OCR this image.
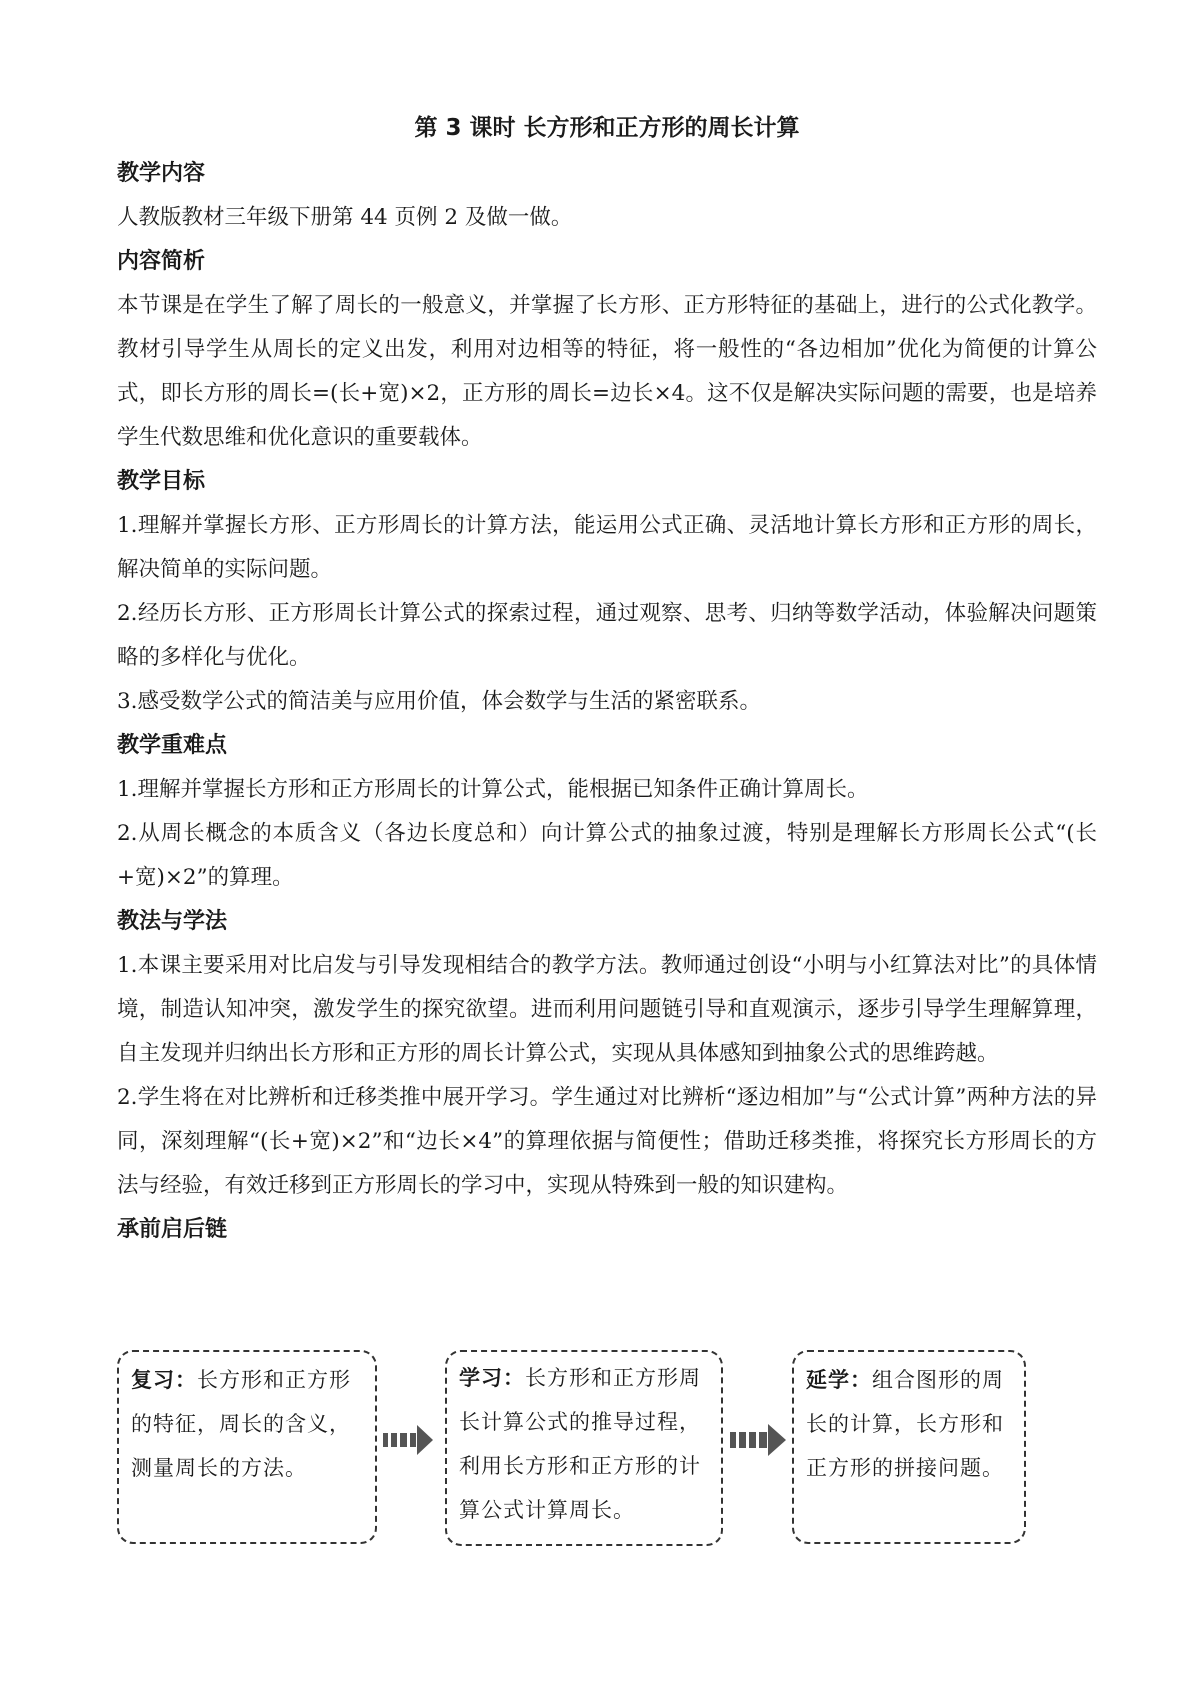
第 3 课时 长方形和正方形的周长计算
教学内容

人教版教材三年级下册第 44 页例 2 及做一做。

内容简析

本节课是在学生了解了周长的一般意义，并掌握了长方形、正方形特征的基础上，进行的公式化教学。教材引导学生从周长的定义出发，利用对边相等的特征，将一般性的“各边相加”优化为简便的计算公式，即长方形的周长=(长+宽)×2，正方形的周长=边长×4。这不仅是解决实际问题的需要，也是培养学生代数思维和优化意识的重要载体。

教学目标

1.理解并掌握长方形、正方形周长的计算方法，能运用公式正确、灵活地计算长方形和正方形的周长，解决简单的实际问题。

2.经历长方形、正方形周长计算公式的探索过程，通过观察、思考、归纳等数学活动，体验解决问题策略的多样化与优化。

3.感受数学公式的简洁美与应用价值，体会数学与生活的紧密联系。

教学重难点

1.理解并掌握长方形和正方形周长的计算公式，能根据已知条件正确计算周长。

2.从周长概念的本质含义（各边长度总和）向计算公式的抽象过渡，特别是理解长方形周长公式“(长+宽)×2”的算理。

教法与学法

1.本课主要采用对比启发与引导发现相结合的教学方法。教师通过创设“小明与小红算法对比”的具体情境，制造认知冲突，激发学生的探究欲望。进而利用问题链引导和直观演示，逐步引导学生理解算理，自主发现并归纳出长方形和正方形的周长计算公式，实现从具体感知到抽象公式的思维跨越。

2.学生将在对比辨析和迁移类推中展开学习。学生通过对比辨析“逐边相加”与“公式计算”两种方法的异同，深刻理解“(长+宽)×2”和“边长×4”的算理依据与简便性；借助迁移类推，将探究长方形周长的方法与经验，有效迁移到正方形周长的学习中，实现从特殊到一般的知识建构。

承前启后链
复习：长方形和正方形的特征，周长的含义，测量周长的方法。
学习：长方形和正方形周长计算公式的推导过程，利用长方形和正方形的计算公式计算周长。
延学：组合图形的周长的计算，长方形和正方形的拼接问题。
